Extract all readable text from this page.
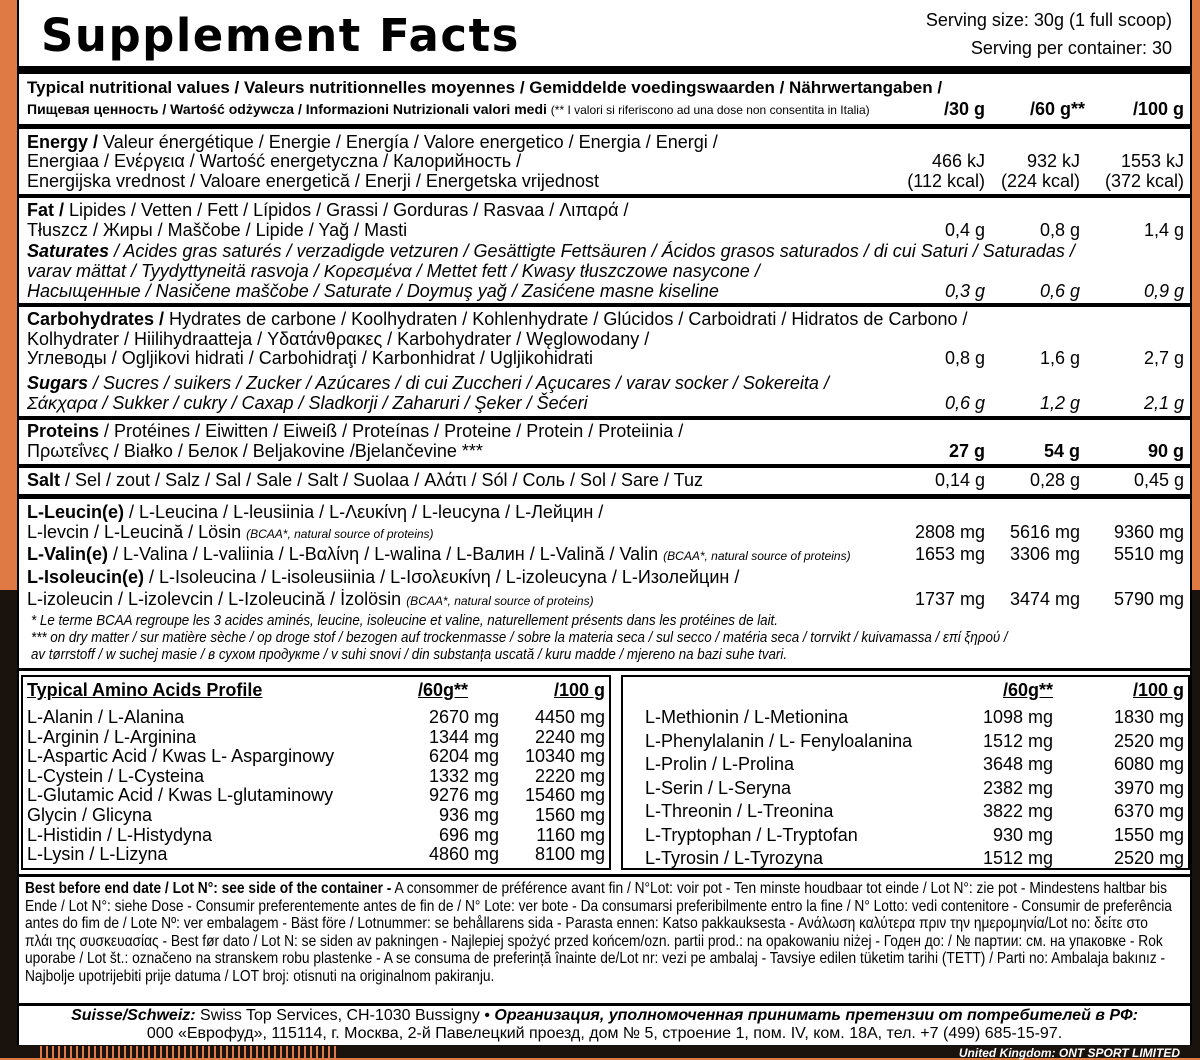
Supplement Facts	Serving size: 30g (1 full scoop)
Serving per container: 30
Typical nutritional values / Valeurs nutritionnelles moyennes / Gemiddelde voedingswaarden / Nährwertangaben /
Пищевая ценность / Wartość odżywcza / Informazioni Nutrizionali valori medi (** I valori si riferiscono ad una dose non consentita in Italia)	/30 g /60 g**	/100 g
Energy / Valeur énergétique / Energie / Energía / Valore energetico / Energia / Energi /
Energiaa / Ενέργεια / Wartość energetyczna / Калорийность /
Energijska vrednost / Valoare energetică / Enerji / Energetska vrijednost
466 kJ 932 kJ 1553 kJ
(112 kcal) (224 kcal) (372 kcal)
Fat / Lipides / Vetten / Fett / Lípidos / Grassi / Gorduras / Rasvaa / Λιπαρά /
Tłuszcz / Жиры / Maščobe / Lipide / Yağ / Masti	0,4 g	0,8 g	1,4 g
Saturates / Acides gras saturés / verzadigde vetzuren / Gesättigte Fettsäuren / Ácidos grasos saturados / di cui Saturi / Saturadas /
varav mättat / Tyydyttyneitä rasvoja / Κορεσμένα / Mettet fett / Kwasy tłuszczowe nasycone /
Насыщенные / Nasičene maščobe / Saturate / Doymuş yağ / Zasićene masne kiseline	0,3 g	0,6 g	0,9 g
Carbohydrates / Hydrates de carbone / Koolhydraten / Kohlenhydrate / Glúcidos / Carboidrati / Hidratos de Carbono /
Kolhydrater / Hiilihydraatteja / Υδατάνθρακες / Karbohydrater / Węglowodany /
Углеводы / Ogljikovi hidrati / Carbohidraţi / Karbonhidrat / Ugljikohidrati	0,8 g	1,6 g	2,7 g
Sugars / Sucres / suikers / Zucker / Azúcares / di cui Zuccheri / Açucares / varav socker / Sokereita /
Σάκχαρα / Sukker / cukry / Сахар / Sladkorji / Zaharuri / Şeker / Šećeri	0,6 g	1,2 g	2,1 g
Proteins / Protéines / Eiwitten / Eiweiß / Proteínas / Proteine / Protein / Proteiinia /
Πρωτεΐνες / Białko / Белок / Beljakovine /Bjelančevine ***	27 g	54 g	90 g
Salt / Sel / zout / Salz / Sal / Sale / Salt / Suolaa / Αλάτι / Sól / Соль / Sol / Sare / Tuz	0,14 g 0,28 g	0,45 g
L-Leucin(e) / L-Leucina / L-leusiinia / L-Λευκίνη / L-leucyna / L-Лейцин /
L-levcin / L-Leucină / Lösin (BCAA*, natural source of proteins)	2808 mg 5616 mg 9360 mg
L-Valin(e) / L-Valina / L-valiinia / L-Βαλίνη / L-walina / L-Валин / L-Valină / Valin (BCAA*, natural source of proteins)	1653 mg 3306 mg 5510 mg
L-Isoleucin(e) / L-Isoleucina / L-isoleusiinia / L-Ισολευκίνη / L-izoleucyna / L-Изолейцин /
L-izoleucin / L-izolevcin / L-Izoleucină / İzolösin (BCAA*, natural source of proteins)	1737 mg 3474 mg 5790 mg
* Le terme BCAA regroupe les 3 acides aminés, leucine, isoleucine et valine, naturellement présents dans les protéines de lait.
*** on dry matter / sur matière sèche / op droge stof / bezogen auf trockenmasse / sobre la materia seca / sul secco / matéria seca / torrvikt / kuivamassa / επί ξηρού /
av tørrstoff / w suchej masie / в сухом продукте / v suhi snovi / din substanța uscată / kuru madde / mjereno na bazi suhe tvari.
Typical Amino Acids Profile	/60g**	/100 g
L-Alanin / L-Alanina	2670 mg 4450 mg
L-Arginin / L-Arginina	1344 mg 2240 mg
L-Aspartic Acid / Kwas L- Asparginowy	6204 mg 10340 mg
L-Cystein / L-Cysteina	1332 mg 2220 mg
L-Glutamic Acid / Kwas L-glutaminowy	9276 mg 15460 mg
Glycin / Glicyna	936 mg 1560 mg
L-Histidin / L-Histydyna	696 mg 1160 mg
L-Lysin / L-Lizyna	4860 mg 8100 mg
/60g**	/100 g
L-Methionin / L-Metionina	1098 mg	1830 mg
L-Phenylalanin / L- Fenyloalanina	1512 mg	2520 mg
L-Prolin / L-Prolina	3648 mg	6080 mg
L-Serin / L-Seryna	2382 mg	3970 mg
L-Threonin / L-Treonina	3822 mg	6370 mg
L-Tryptophan / L-Tryptofan	930 mg	1550 mg
L-Tyrosin / L-Tyrozyna	1512 mg	2520 mg
Best before end date / Lot N°: see side of the container - A consommer de préférence avant fin / N°Lot: voir pot - Ten minste houdbaar tot einde / Lot N°: zie pot - Mindestens haltbar bis Ende / Lot N°: siehe Dose - Consumir preferentemente antes de fin de / N° Lote: ver bote - Da consumarsi preferibilmente entro la fine / N° Lotto: vedi contenitore - Consumir de preferência antes do fim de / Lote Nº: ver embalagem - Bäst före / Lotnummer: se behållarens sida - Parasta ennen: Katso pakkauksesta - Ανάλωση καλύτερα πριν την ημερομηνία/Lot no: δείτε στο πλάι της συσκευασίας - Best før dato / Lot N: se siden av pakningen - Najlepiej spożyć przed końcem/ozn. partii prod.: na opakowaniu niżej - Годен до: / № партии: см. на упаковке - Rok uporabe / Lot št.: označeno na stranskem robu plastenke - A se consuma de preferință înainte de/Lot nr: vezi pe ambalaj - Tavsiye edilen tüketim tarihi (TETT) / Parti no: Ambalaja bakınız - Najbolje upotrijebiti prije datuma / LOT broj: otisnuti na originalnom pakiranju.
Suisse/Schweiz: Swiss Top Services, CH-1030 Bussigny • Организация, уполномоченная принимать претензии от потребителей в РФ:
000 «Еврофуд», 115114, г. Москва, 2-й Павелецкий проезд, дом № 5, строение 1, пом. IV, ком. 18А, тел. +7 (499) 685-15-97.
United Kingdom: ONT SPORT LIMITED
